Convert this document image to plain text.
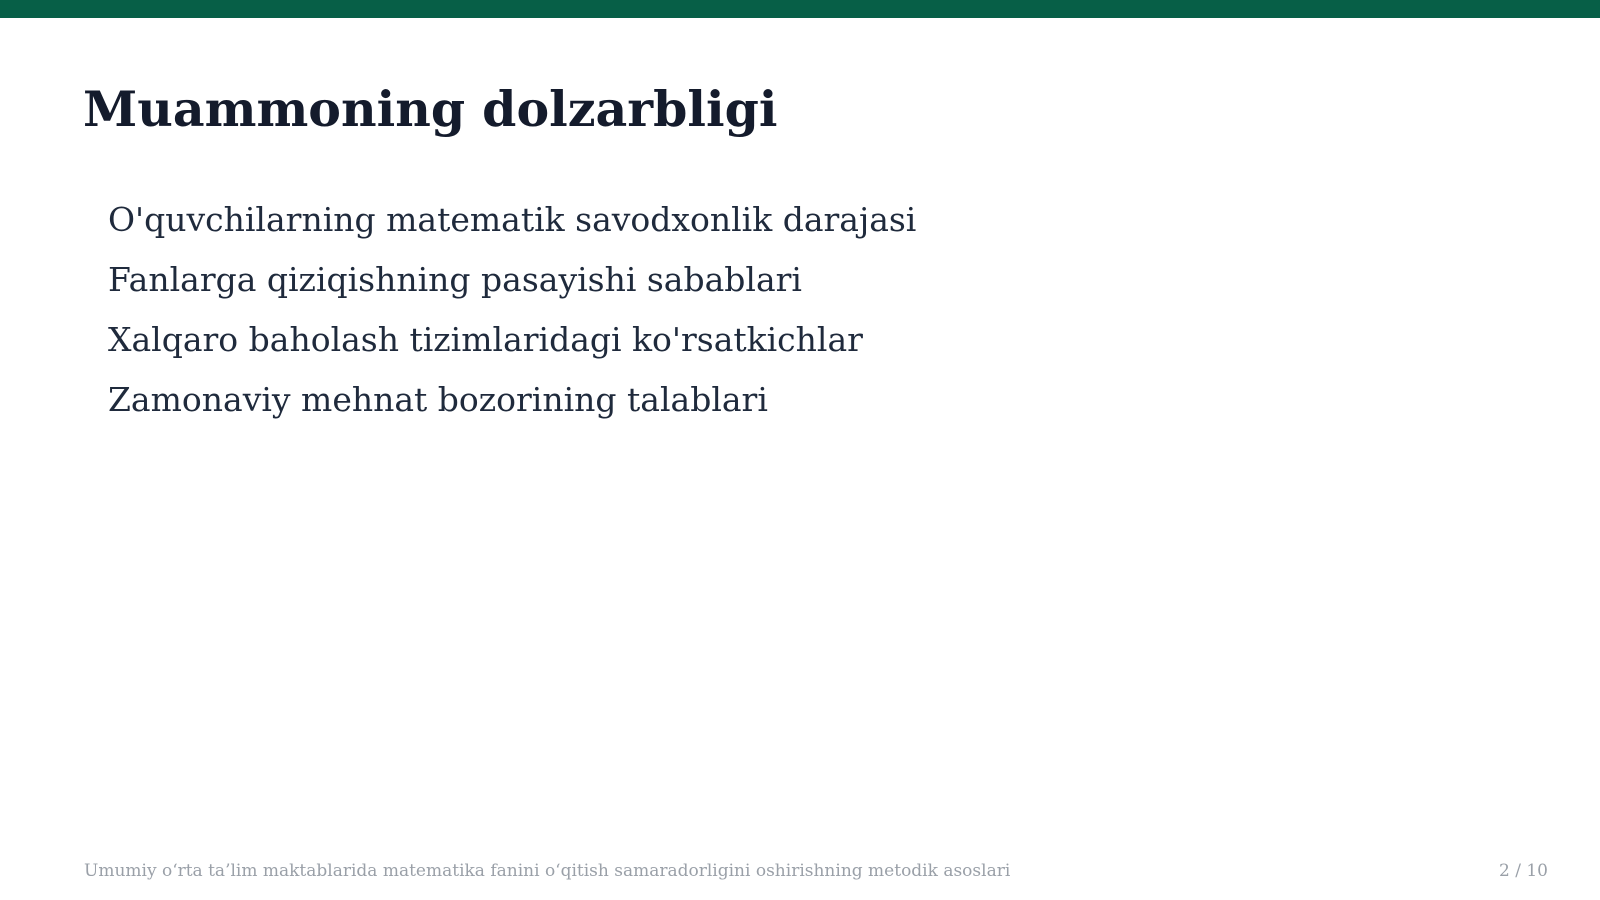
Muammoning dolzarbligi
O'quvchilarning matematik savodxonlik darajasi
Fanlarga qiziqishning pasayishi sabablari
Xalqaro baholash tizimlaridagi ko'rsatkichlar
Zamonaviy mehnat bozorining talablari
Umumiy o‘rta ta’lim maktablarida matematika fanini o‘qitish samaradorligini oshirishning metodik asoslari	2 / 10
